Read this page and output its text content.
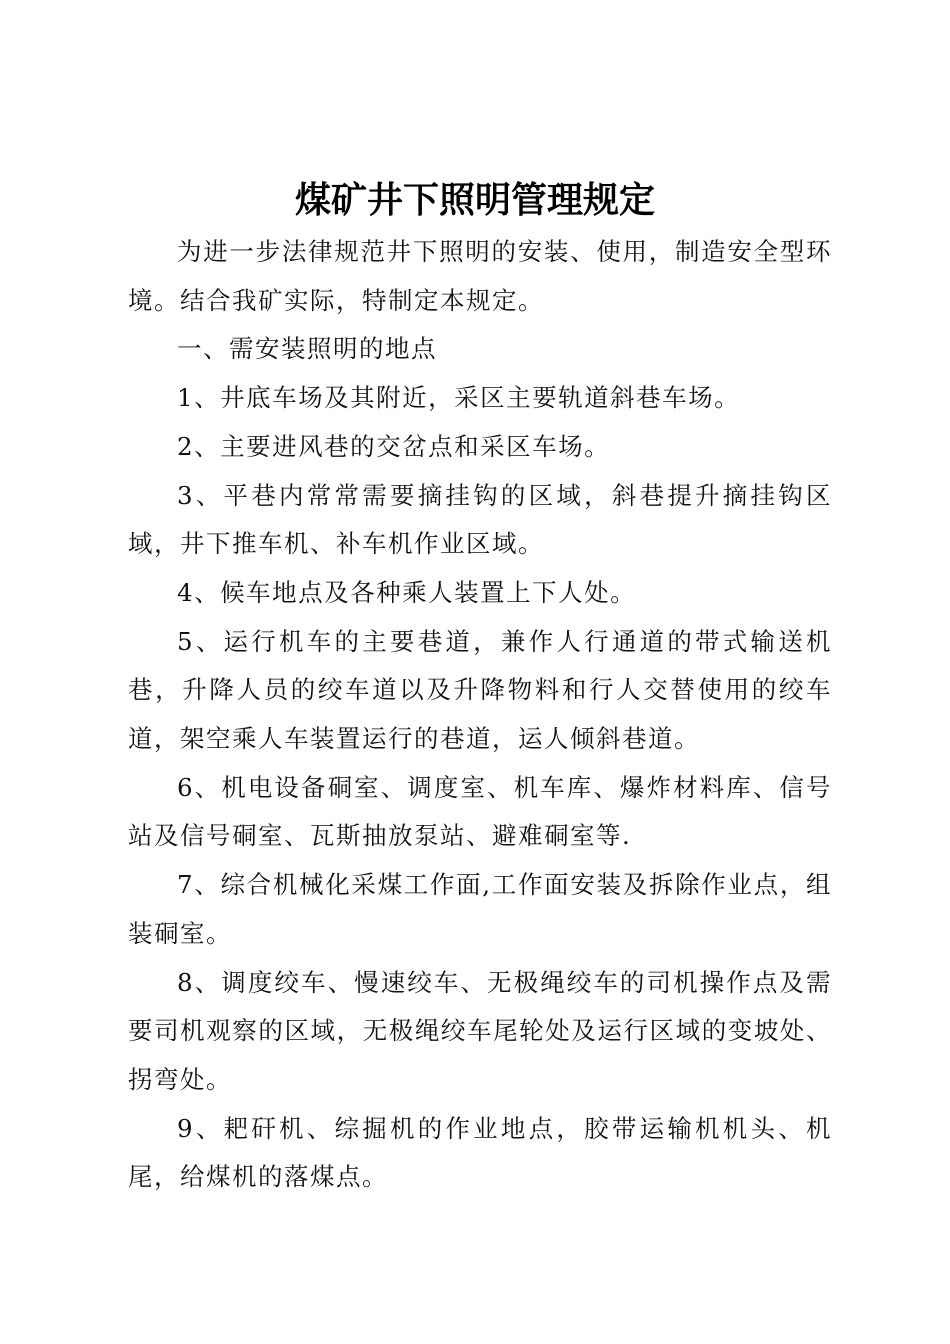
煤矿井下照明管理规定

为进一步法律规范井下照明的安装、使用，制造安全型环境。结合我矿实际，特制定本规定。

一、需安装照明的地点

1、井底车场及其附近，采区主要轨道斜巷车场。

2、主要进风巷的交岔点和采区车场。

3、平巷内常常需要摘挂钩的区域，斜巷提升摘挂钩区域，井下推车机、补车机作业区域。

4、候车地点及各种乘人装置上下人处。

5、运行机车的主要巷道，兼作人行通道的带式输送机巷，升降人员的绞车道以及升降物料和行人交替使用的绞车道，架空乘人车装置运行的巷道，运人倾斜巷道。

6、机电设备硐室、调度室、机车库、爆炸材料库、信号站及信号硐室、瓦斯抽放泵站、避难硐室等.

7、综合机械化采煤工作面,工作面安装及拆除作业点，组装硐室。

8、调度绞车、慢速绞车、无极绳绞车的司机操作点及需要司机观察的区域，无极绳绞车尾轮处及运行区域的变坡处、拐弯处。

9、耙矸机、综掘机的作业地点，胶带运输机机头、机尾，给煤机的落煤点。
